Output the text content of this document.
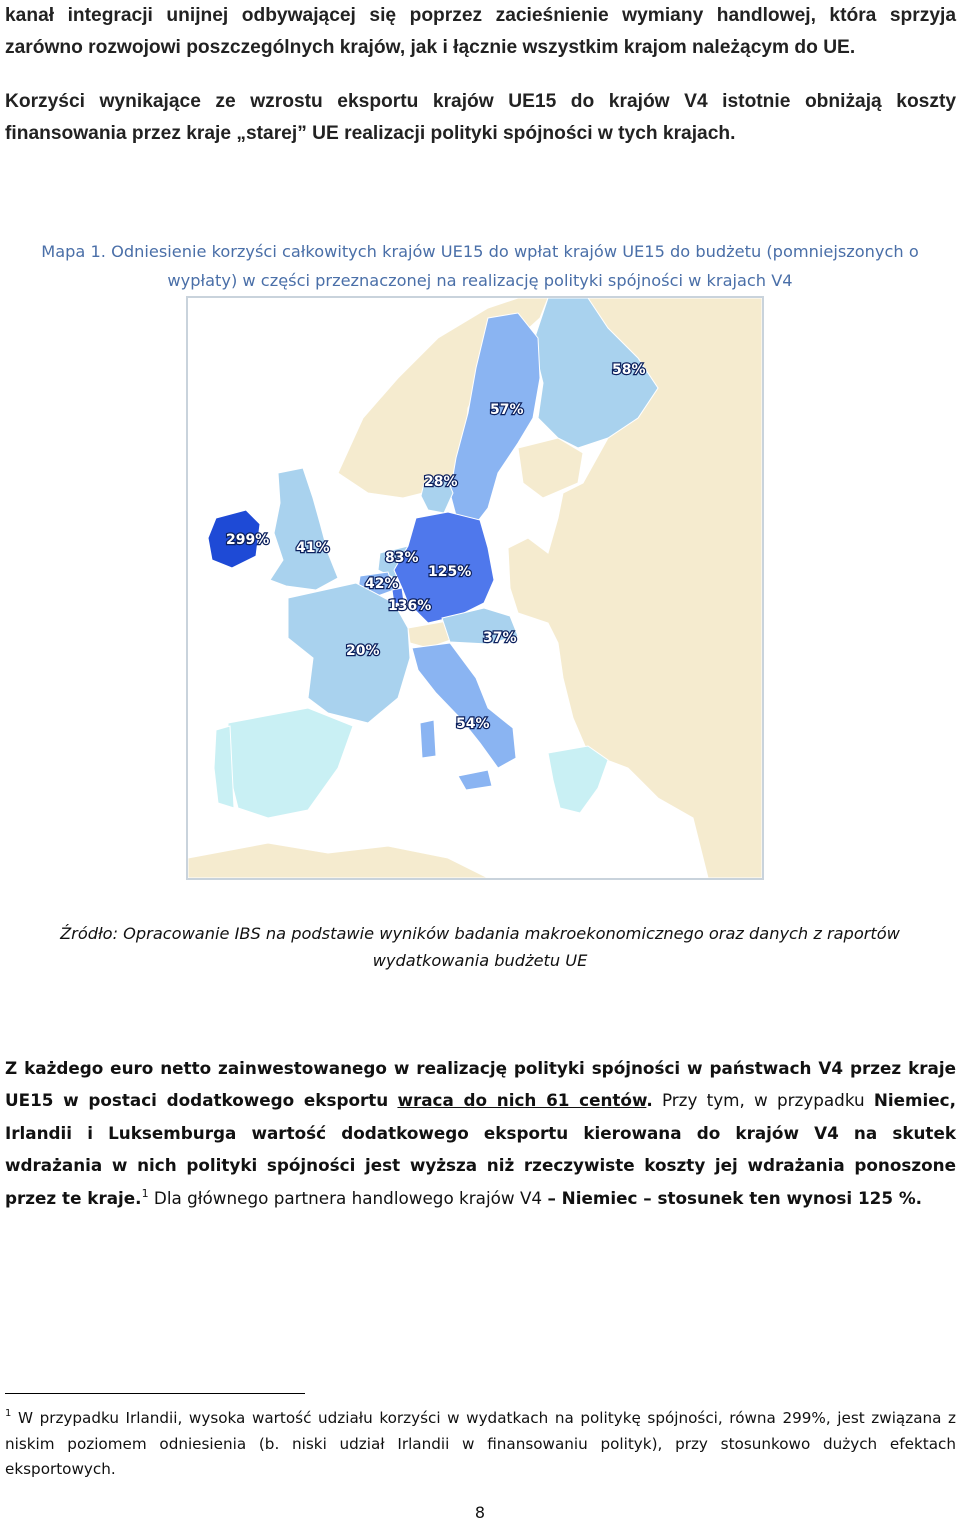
kanał integracji unijnej odbywającej się poprzez zacieśnienie wymiany handlowej, która sprzyja

zarówno rozwojowi poszczególnych krajów, jak i łącznie wszystkim krajom należącym do UE.

Korzyści wynikające ze wzrostu eksportu krajów UE15 do krajów V4 istotnie obniżają koszty

finansowania przez kraje „starej” UE realizacji polityki spójności w tych krajach.

Mapa 1. Odniesienie korzyści całkowitych krajów UE15 do wpłat krajów UE15 do budżetu (pomniejszonych o wypłaty) w części przeznaczonej na realizację polityki spójności w krajach V4

58%
57%
28%
299% 41%
83%
125%
42%
136%
37%
20%
54%

Źródło: Opracowanie IBS na podstawie wyników badania makroekonomicznego oraz danych z raportów wydatkowania budżetu UE

Z każdego euro netto zainwestowanego w realizację polityki spójności w państwach V4 przez kraje UE15 w postaci dodatkowego eksportu wraca do nich 61 centów. Przy tym, w przypadku Niemiec, Irlandii i Luksemburga wartość dodatkowego eksportu kierowana do krajów V4 na skutek wdrażania w nich polityki spójności jest wyższa niż rzeczywiste koszty jej wdrażania ponoszone przez te kraje.$^1$ Dla głównego partnera handlowego krajów V4 – Niemiec – stosunek ten wynosi 125 %.

$^1$ W przypadku Irlandii, wysoka wartość udziału korzyści w wydatkach na politykę spójności, równa 299%, jest związana z niskim poziomem odniesienia (b. niski udział Irlandii w finansowaniu polityk), przy stosunkowo dużych efektach eksportowych.

8
